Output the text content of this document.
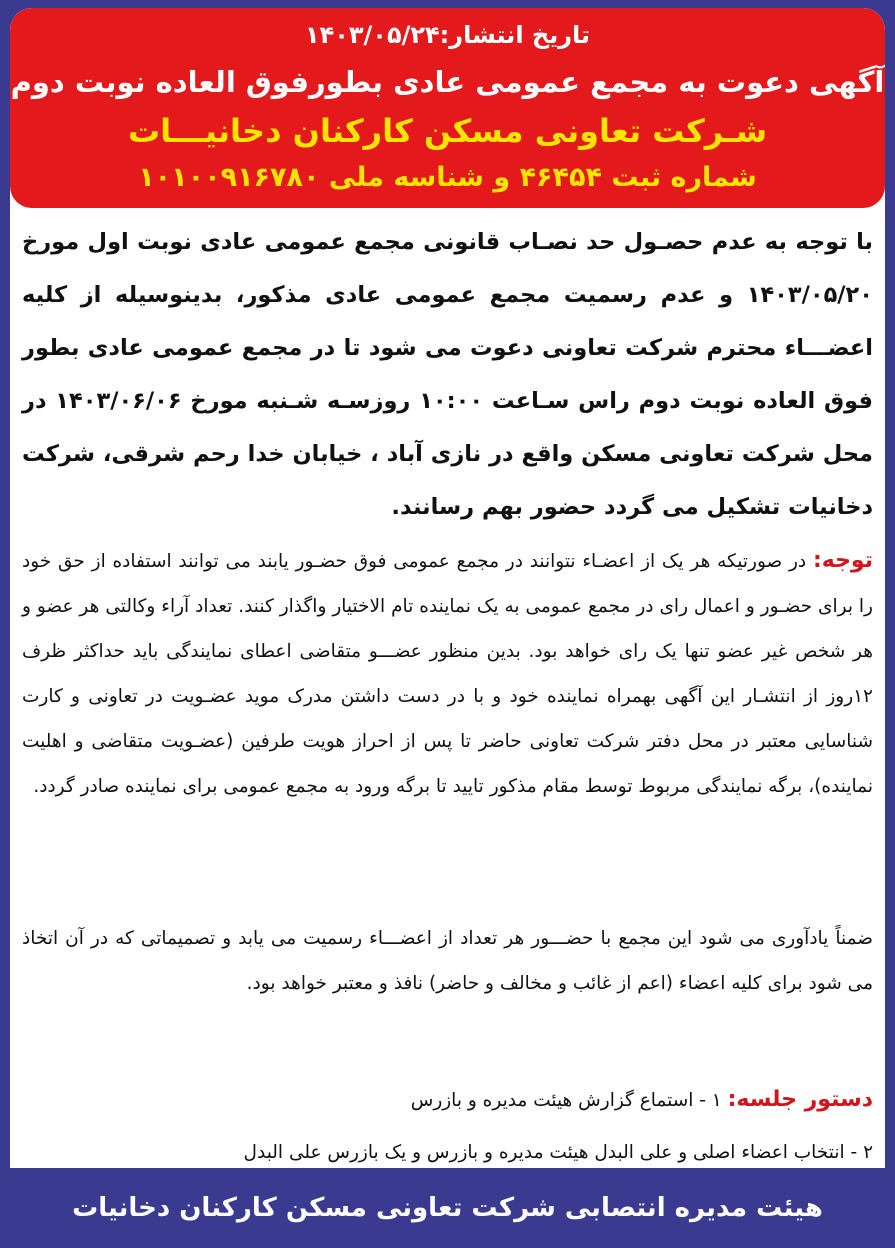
تاریخ انتشار:۱۴۰۳/۰۵/۲۴
آگهی دعوت به مجمع عمومی عادی بطورفوق العاده نوبت دوم
شـرکت تعاونی مسکن کارکنان دخانیـــات
شماره ثبت ۴۶۴۵۴ و شناسه ملی ۱۰۱۰۰۹۱۶۷۸۰
با توجه به عدم حصـول حد نصـاب قانونی مجمع عمومی عادی نوبت اول مورخ ۱۴۰۳/۰۵/۲۰ و عدم رسمیت مجمع عمومی عادی مذکور، بدینوسیله از کلیه اعضـــاء محترم شرکت تعاونی دعوت می شود تا در مجمع عمومی عادی بطور فوق العاده نوبت دوم راس سـاعت ۱۰:۰۰ روزسـه شـنبه مورخ ۱۴۰۳/۰۶/۰۶ در محل شرکت تعاونی مسکن واقع در نازی آباد ، خیابان خدا رحم شرقی، شرکت دخانیات تشکیل می گردد حضور بهم رسانند.
توجه: در صورتیکه هر یک از اعضـاء نتوانند در مجمع عمومی فوق حضـور یابند می توانند استفاده از حق خود را برای حضـور و اعمال رای در مجمع عمومی به یک نماینده تام الاختیار واگذار کنند. تعداد آراء وکالتی هر عضو و هر شخص غیر عضو تنها یک رای خواهد بود. بدین منظور عضـــو متقاضی اعطای نمایندگی باید حداکثر ظرف ۱۲روز از انتشـار این آگهی بهمراه نماینده خود و با در دست داشتن مدرک موید عضـویت در تعاونی و کارت شناسایی معتبر در محل دفتر شرکت تعاونی حاضر تا پس از احراز هویت طرفین (عضـویت متقاضی و اهلیت نماینده)، برگه نمایندگی مربوط توسط مقام مذکور تایید تا برگه ورود به مجمع عمومی برای نماینده صادر گردد.
ضمناً یادآوری می شود این مجمع با حضـــور هر تعداد از اعضـــاء رسمیت می یابد و تصمیماتی که در آن اتخاذ می شود برای کلیه اعضاء (اعم از غائب و مخالف و حاضر) نافذ و معتبر خواهد بود.
دستور جلسه: ۱ - استماع گزارش هیئت مدیره و بازرس
۲ - انتخاب اعضاء اصلی و علی البدل هیئت مدیره و بازرس و یک بازرس علی البدل
هیئت مدیره انتصابی شرکت تعاونی مسکن کارکنان دخانیات
